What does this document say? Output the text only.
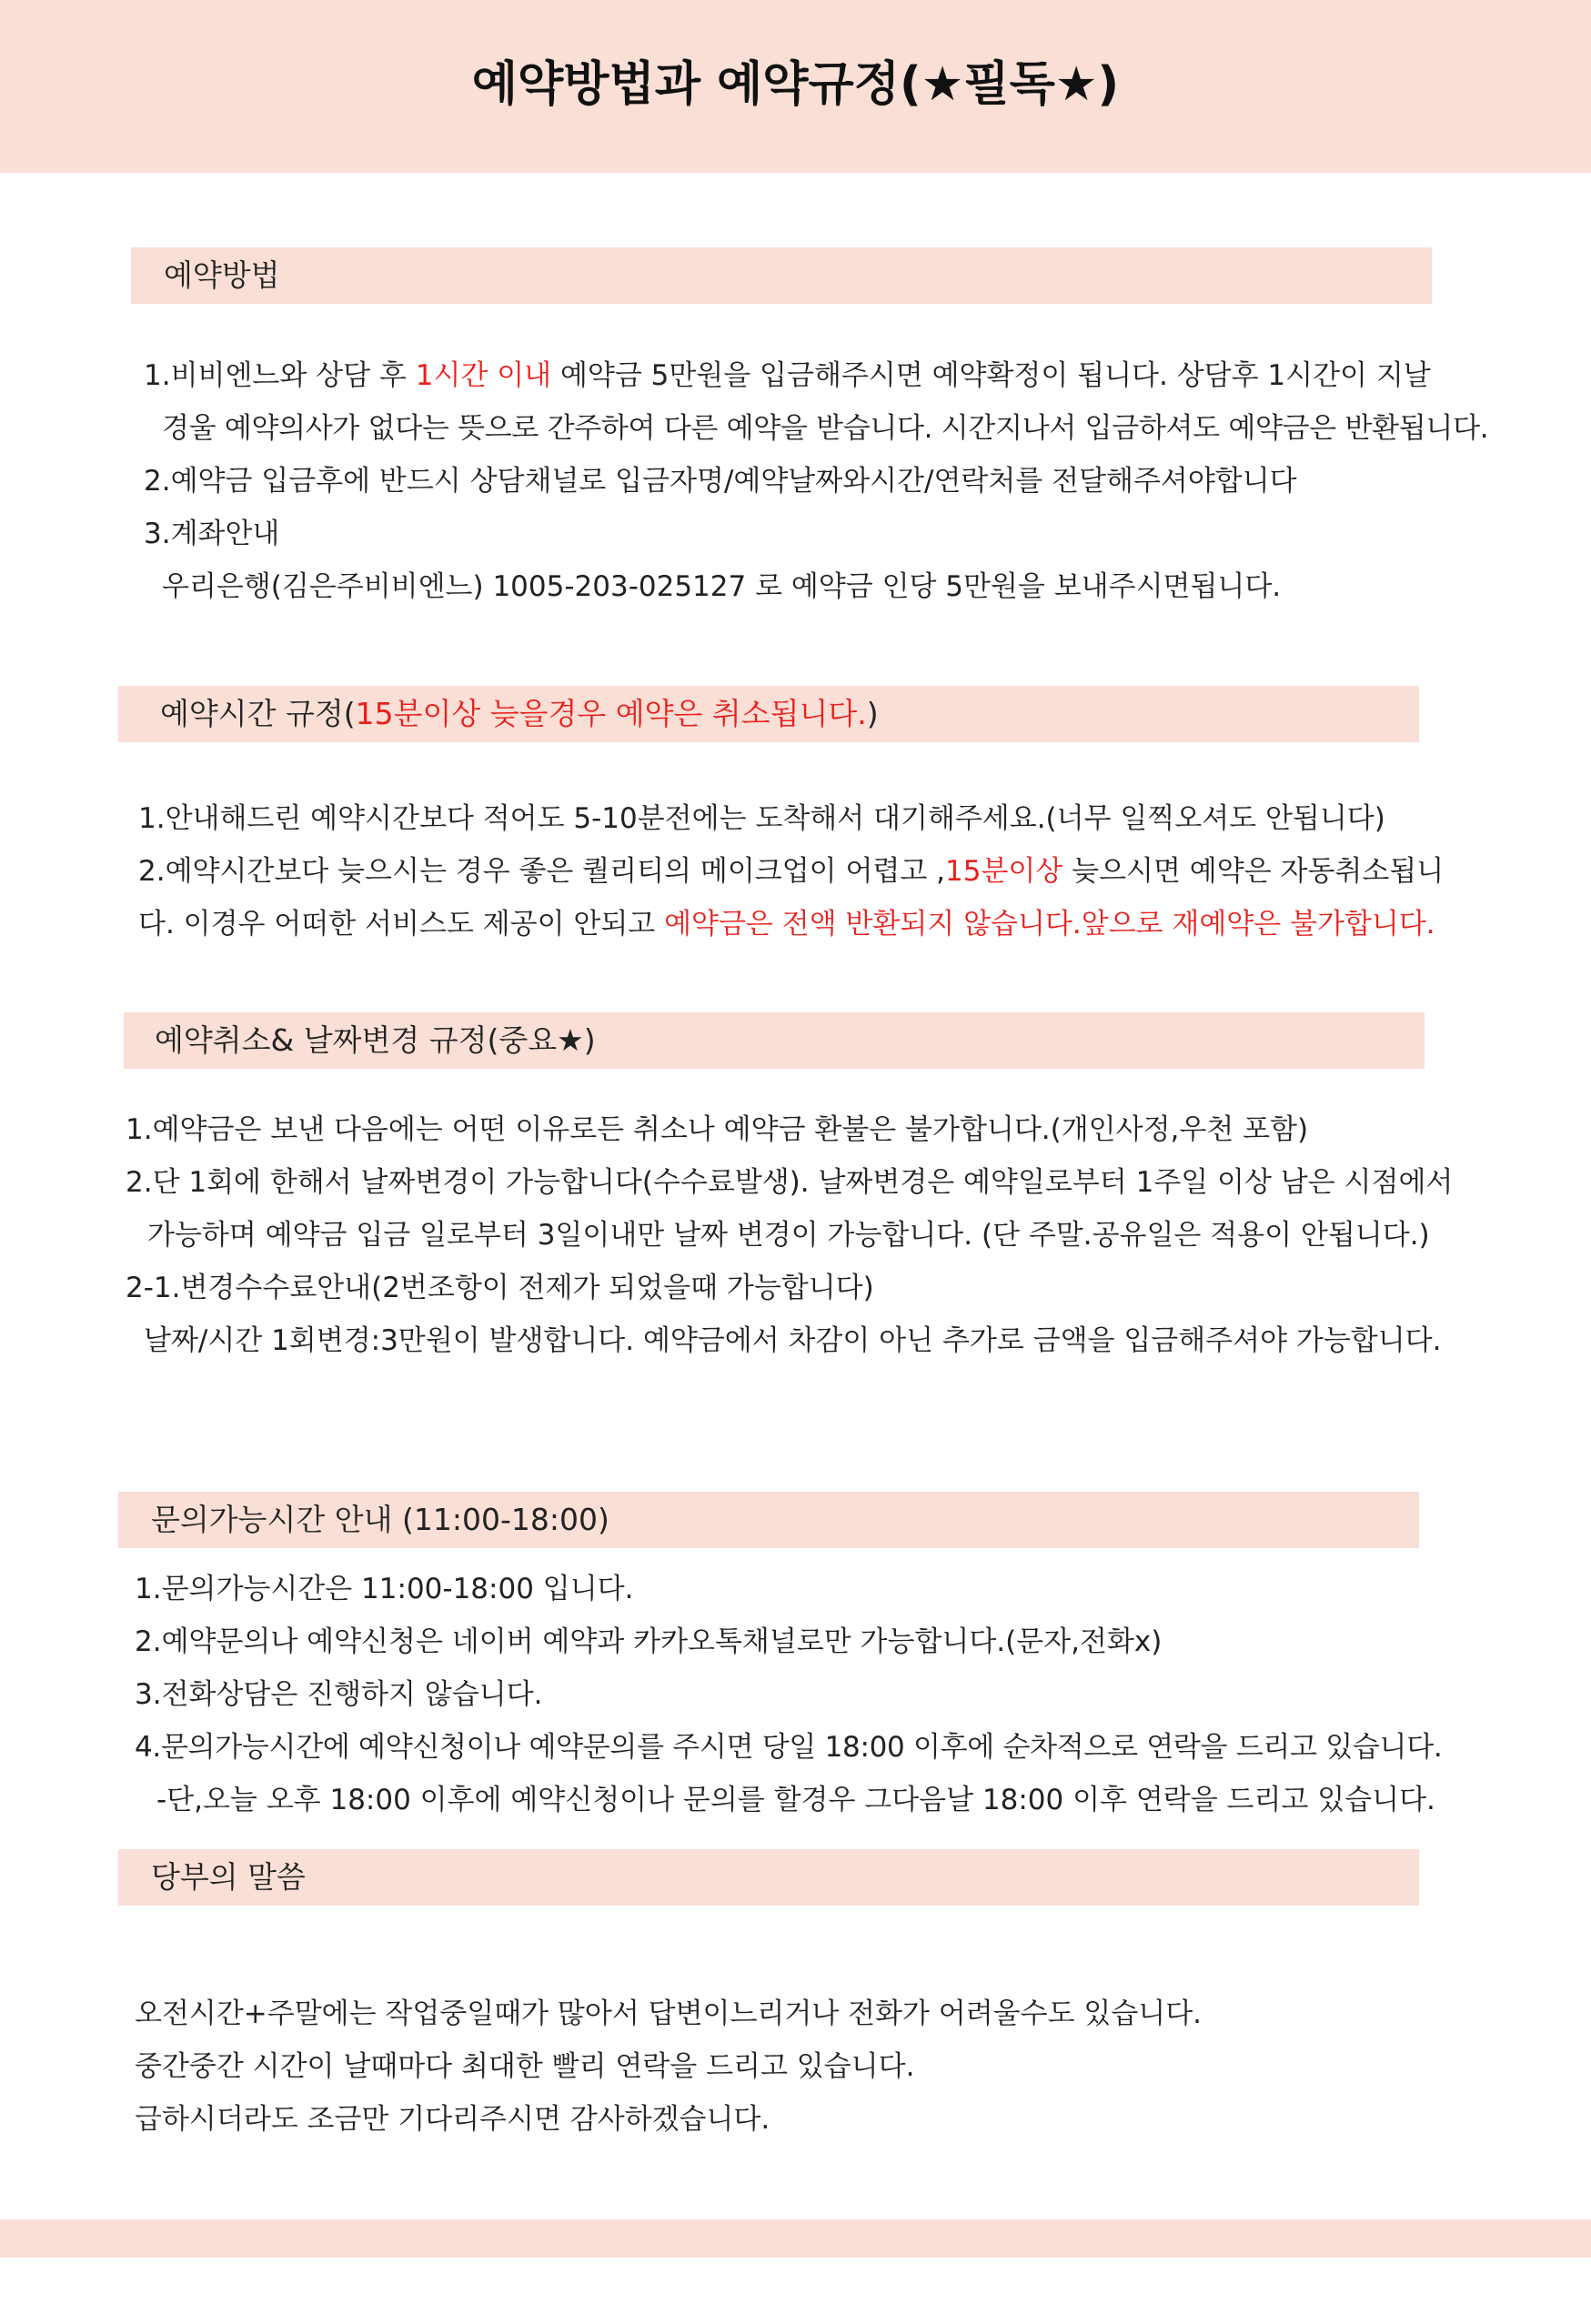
예약방법과 예약규정(★필독★)
예약방법
1.비비엔느와 상담 후 1시간 이내 예약금 5만원을 입금해주시면 예약확정이 됩니다. 상담후 1시간이 지날
경울 예약의사가 없다는 뜻으로 간주하여 다른 예약을 받습니다. 시간지나서 입금하셔도 예약금은 반환됩니다.
2.예약금 입금후에 반드시 상담채널로 입금자명/예약날짜와시간/연락처를 전달해주셔야합니다
3.계좌안내
우리은행(김은주비비엔느) 1005-203-025127 로 예약금 인당 5만원을 보내주시면됩니다.
예약시간 규정(15분이상 늦을경우 예약은 취소됩니다.)
1.안내해드린 예약시간보다 적어도 5-10분전에는 도착해서 대기해주세요.(너무 일찍오셔도 안됩니다)
2.예약시간보다 늦으시는 경우 좋은 퀄리티의 메이크업이 어렵고 ,15분이상 늦으시면 예약은 자동취소됩니
다. 이경우 어떠한 서비스도 제공이 안되고 예약금은 전액 반환되지 않습니다.앞으로 재예약은 불가합니다.
예약취소& 날짜변경 규정(중요★)
1.예약금은 보낸 다음에는 어떤 이유로든 취소나 예약금 환불은 불가합니다.(개인사정,우천 포함)
2.단 1회에 한해서 날짜변경이 가능합니다(수수료발생). 날짜변경은 예약일로부터 1주일 이상 남은 시점에서
가능하며 예약금 입금 일로부터 3일이내만 날짜 변경이 가능합니다. (단 주말.공유일은 적용이 안됩니다.)
2-1.변경수수료안내(2번조항이 전제가 되었을때 가능합니다)
날짜/시간 1회변경:3만원이 발생합니다. 예약금에서 차감이 아닌 추가로 금액을 입금해주셔야 가능합니다.
문의가능시간 안내 (11:00-18:00)
1.문의가능시간은 11:00-18:00 입니다.
2.예약문의나 예약신청은 네이버 예약과 카카오톡채널로만 가능합니다.(문자,전화x)
3.전화상담은 진행하지 않습니다.
4.문의가능시간에 예약신청이나 예약문의를 주시면 당일 18:00 이후에 순차적으로 연락을 드리고 있습니다.
-단,오늘 오후 18:00 이후에 예약신청이나 문의를 할경우 그다음날 18:00 이후 연락을 드리고 있습니다.
당부의 말씀
오전시간+주말에는 작업중일때가 많아서 답변이느리거나 전화가 어려울수도 있습니다.
중간중간 시간이 날때마다 최대한 빨리 연락을 드리고 있습니다.
급하시더라도 조금만 기다리주시면 감사하겠습니다.
